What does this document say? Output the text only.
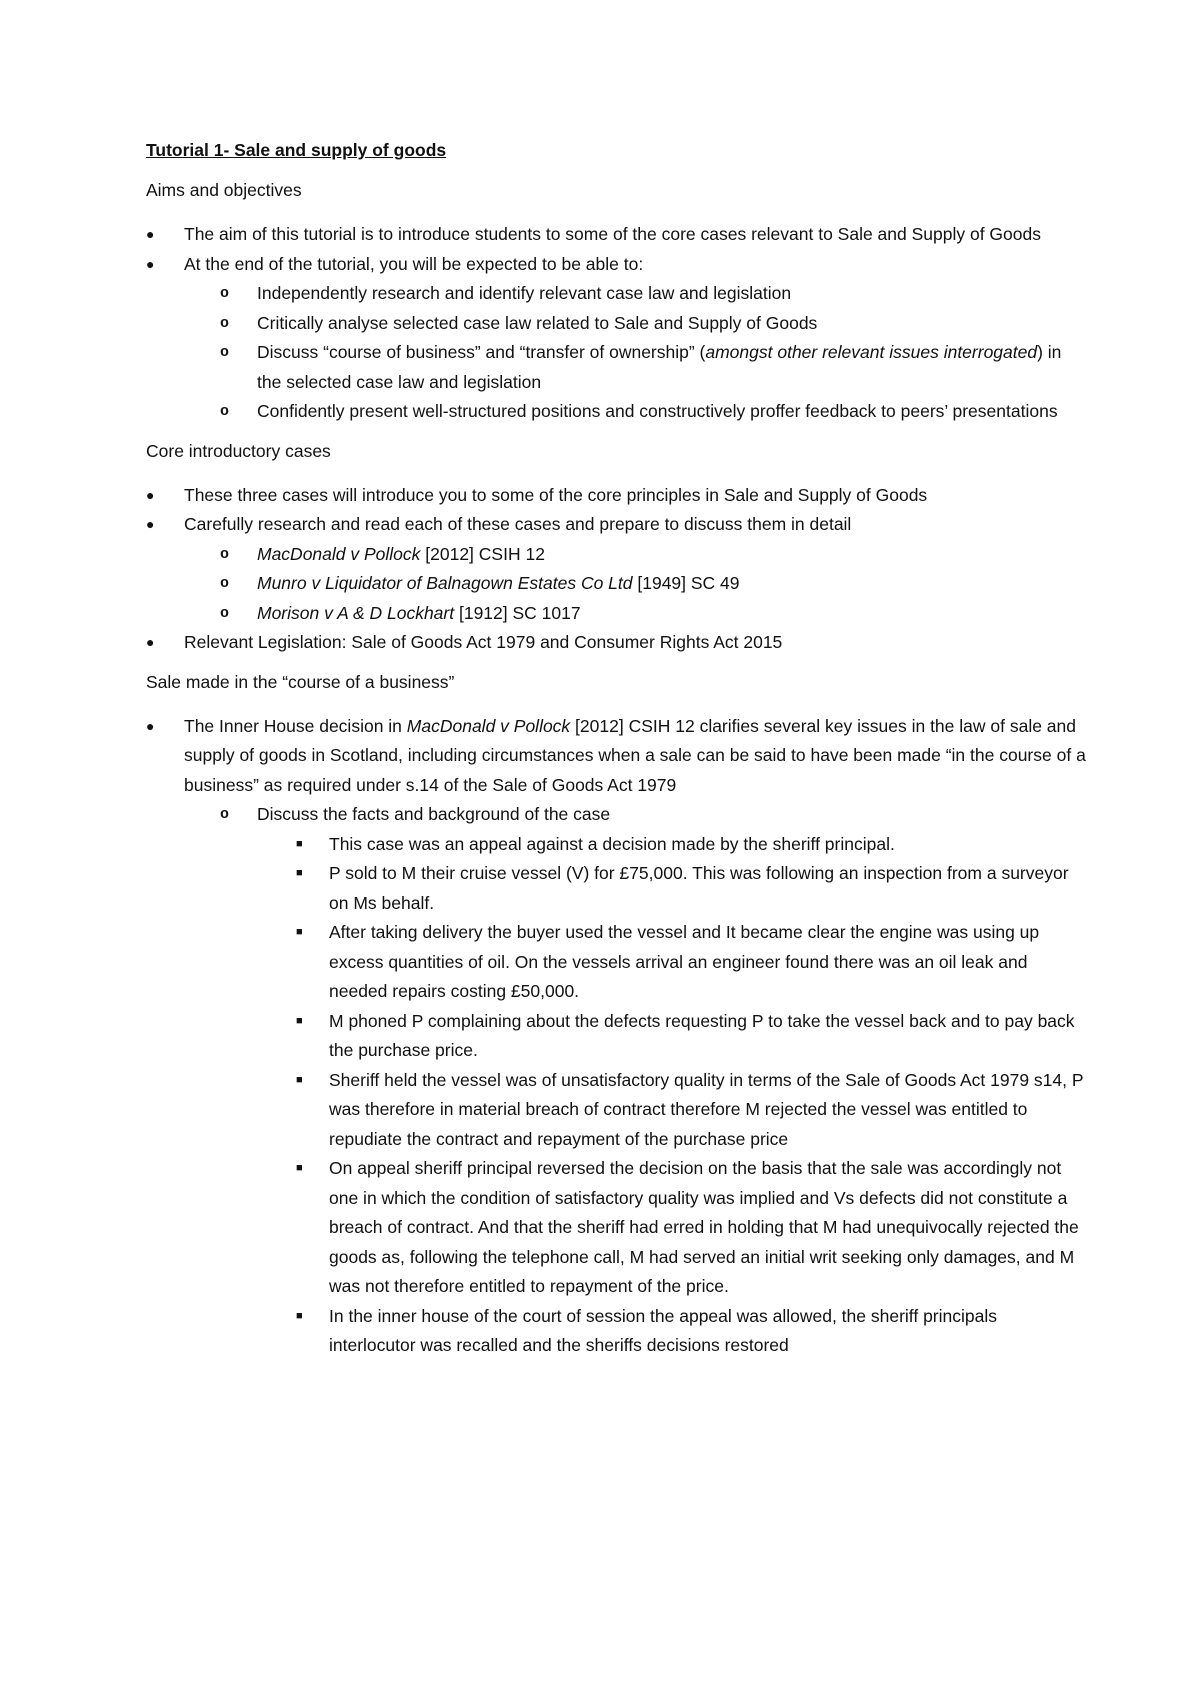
Tutorial 1- Sale and supply of goods
Aims and objectives
● The aim of this tutorial is to introduce students to some of the core cases relevant to Sale and Supply of Goods
● At the end of the tutorial, you will be expected to be able to:
o Independently research and identify relevant case law and legislation
o Critically analyse selected case law related to Sale and Supply of Goods
o Discuss “course of business” and “transfer of ownership” (amongst other relevant issues interrogated) in the selected case law and legislation
o Confidently present well-structured positions and constructively proffer feedback to peers’ presentations
Core introductory cases
● These three cases will introduce you to some of the core principles in Sale and Supply of Goods
● Carefully research and read each of these cases and prepare to discuss them in detail
o MacDonald v Pollock [2012] CSIH 12
o Munro v Liquidator of Balnagown Estates Co Ltd [1949] SC 49
o Morison v A & D Lockhart [1912] SC 1017
● Relevant Legislation: Sale of Goods Act 1979 and Consumer Rights Act 2015
Sale made in the “course of a business”
● The Inner House decision in MacDonald v Pollock [2012] CSIH 12 clarifies several key issues in the law of sale and supply of goods in Scotland, including circumstances when a sale can be said to have been made “in the course of a business” as required under s.14 of the Sale of Goods Act 1979
o Discuss the facts and background of the case
■ This case was an appeal against a decision made by the sheriff principal.
■ P sold to M their cruise vessel (V) for £75,000. This was following an inspection from a surveyor on Ms behalf.
■ After taking delivery the buyer used the vessel and It became clear the engine was using up excess quantities of oil. On the vessels arrival an engineer found there was an oil leak and needed repairs costing £50,000.
■ M phoned P complaining about the defects requesting P to take the vessel back and to pay back the purchase price.
■ Sheriff held the vessel was of unsatisfactory quality in terms of the Sale of Goods Act 1979 s14, P was therefore in material breach of contract therefore M rejected the vessel was entitled to repudiate the contract and repayment of the purchase price
■ On appeal sheriff principal reversed the decision on the basis that the sale was accordingly not one in which the condition of satisfactory quality was implied and Vs defects did not constitute a breach of contract. And that the sheriff had erred in holding that M had unequivocally rejected the goods as, following the telephone call, M had served an initial writ seeking only damages, and M was not therefore entitled to repayment of the price.
■ In the inner house of the court of session the appeal was allowed, the sheriff principals interlocutor was recalled and the sheriffs decisions restored
